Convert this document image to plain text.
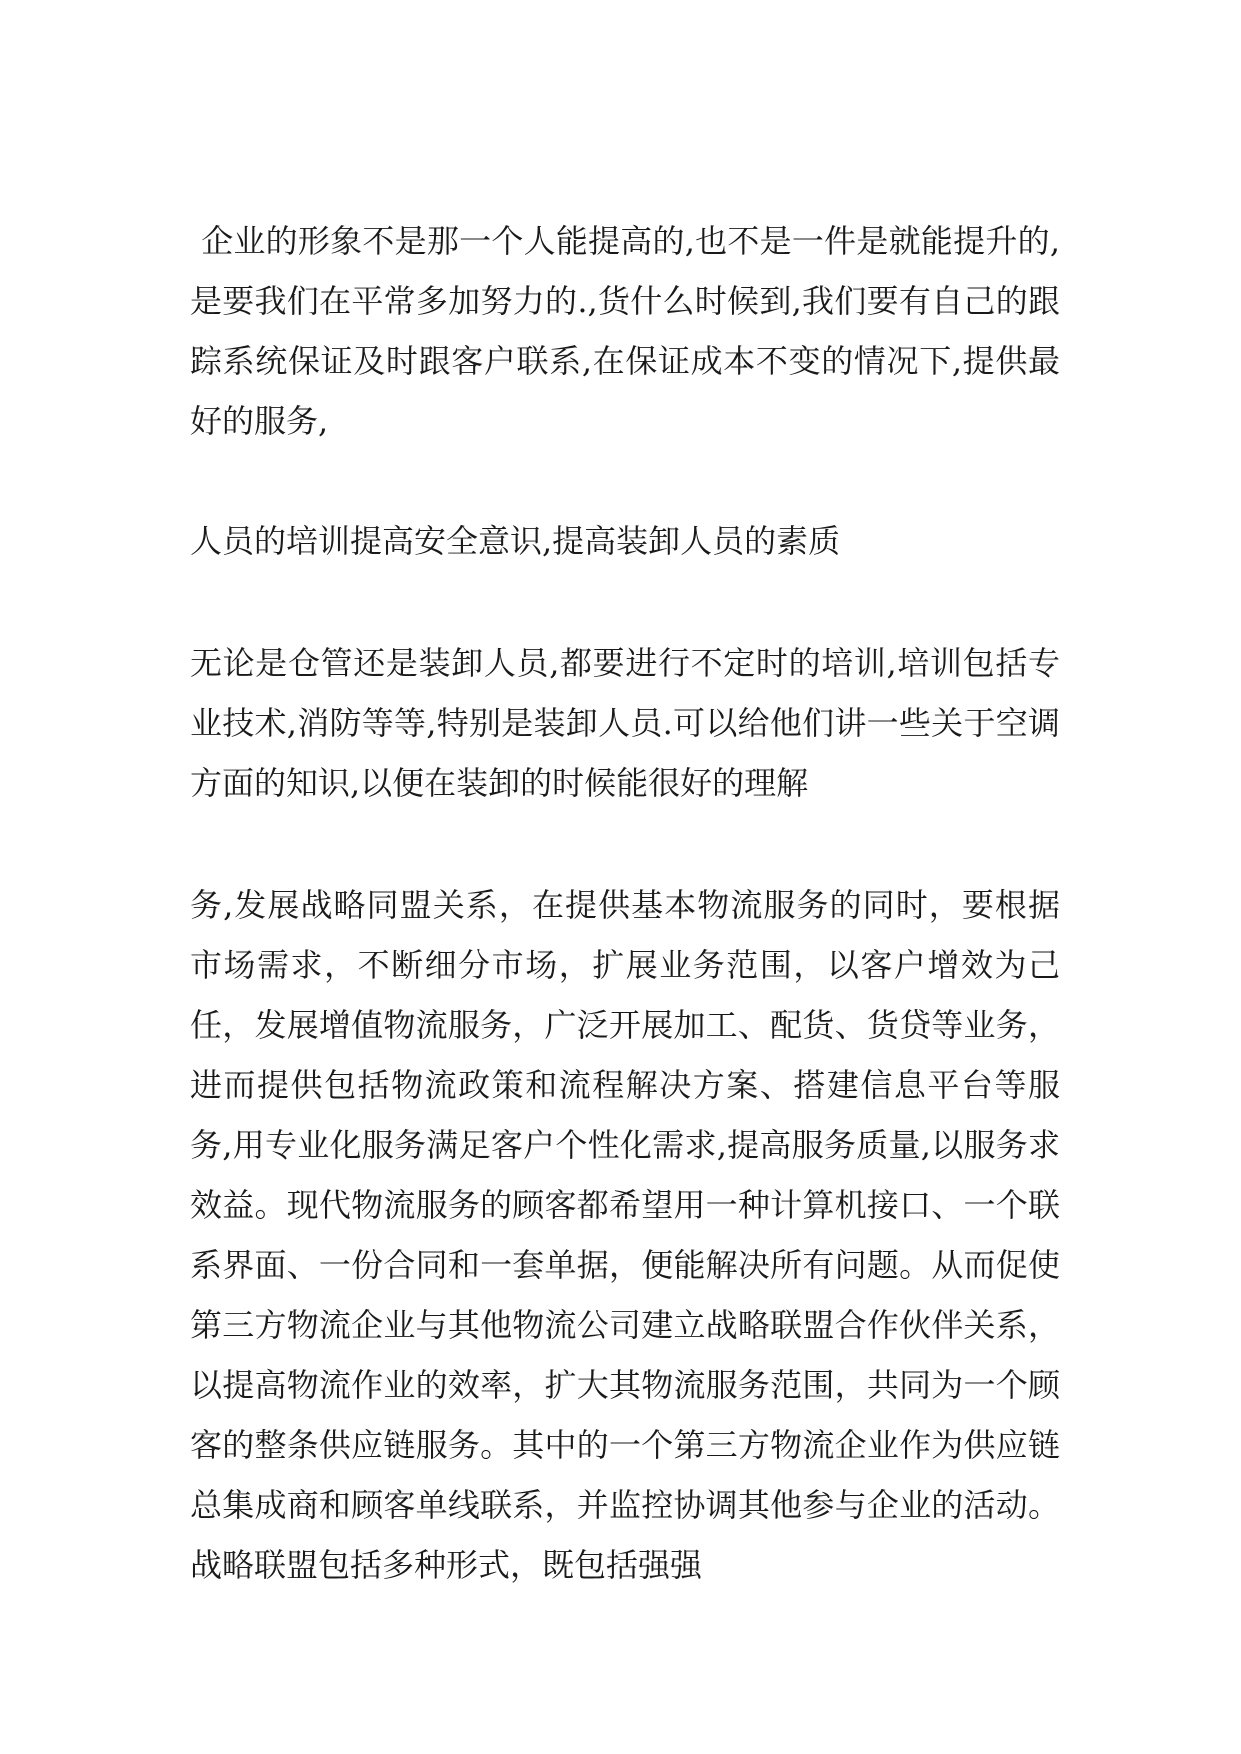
企业的形象不是那一个人能提高的,也不是一件是就能提升的,是要我们在平常多加努力的.,货什么时候到,我们要有自己的跟踪系统保证及时跟客户联系,在保证成本不变的情况下,提供最好的服务,

人员的培训提高安全意识,提高装卸人员的素质

无论是仓管还是装卸人员,都要进行不定时的培训,培训包括专业技术,消防等等,特别是装卸人员.可以给他们讲一些关于空调方面的知识,以便在装卸的时候能很好的理解

务,发展战略同盟关系，在提供基本物流服务的同时，要根据市场需求，不断细分市场，扩展业务范围，以客户增效为己任，发展增值物流服务，广泛开展加工、配货、货贷等业务，进而提供包括物流政策和流程解决方案、搭建信息平台等服务,用专业化服务满足客户个性化需求,提高服务质量,以服务求效益。现代物流服务的顾客都希望用一种计算机接口、一个联系界面、一份合同和一套单据，便能解决所有问题。从而促使第三方物流企业与其他物流公司建立战略联盟合作伙伴关系，以提高物流作业的效率，扩大其物流服务范围，共同为一个顾客的整条供应链服务。其中的一个第三方物流企业作为供应链总集成商和顾客单线联系，并监控协调其他参与企业的活动。战略联盟包括多种形式，既包括强强
